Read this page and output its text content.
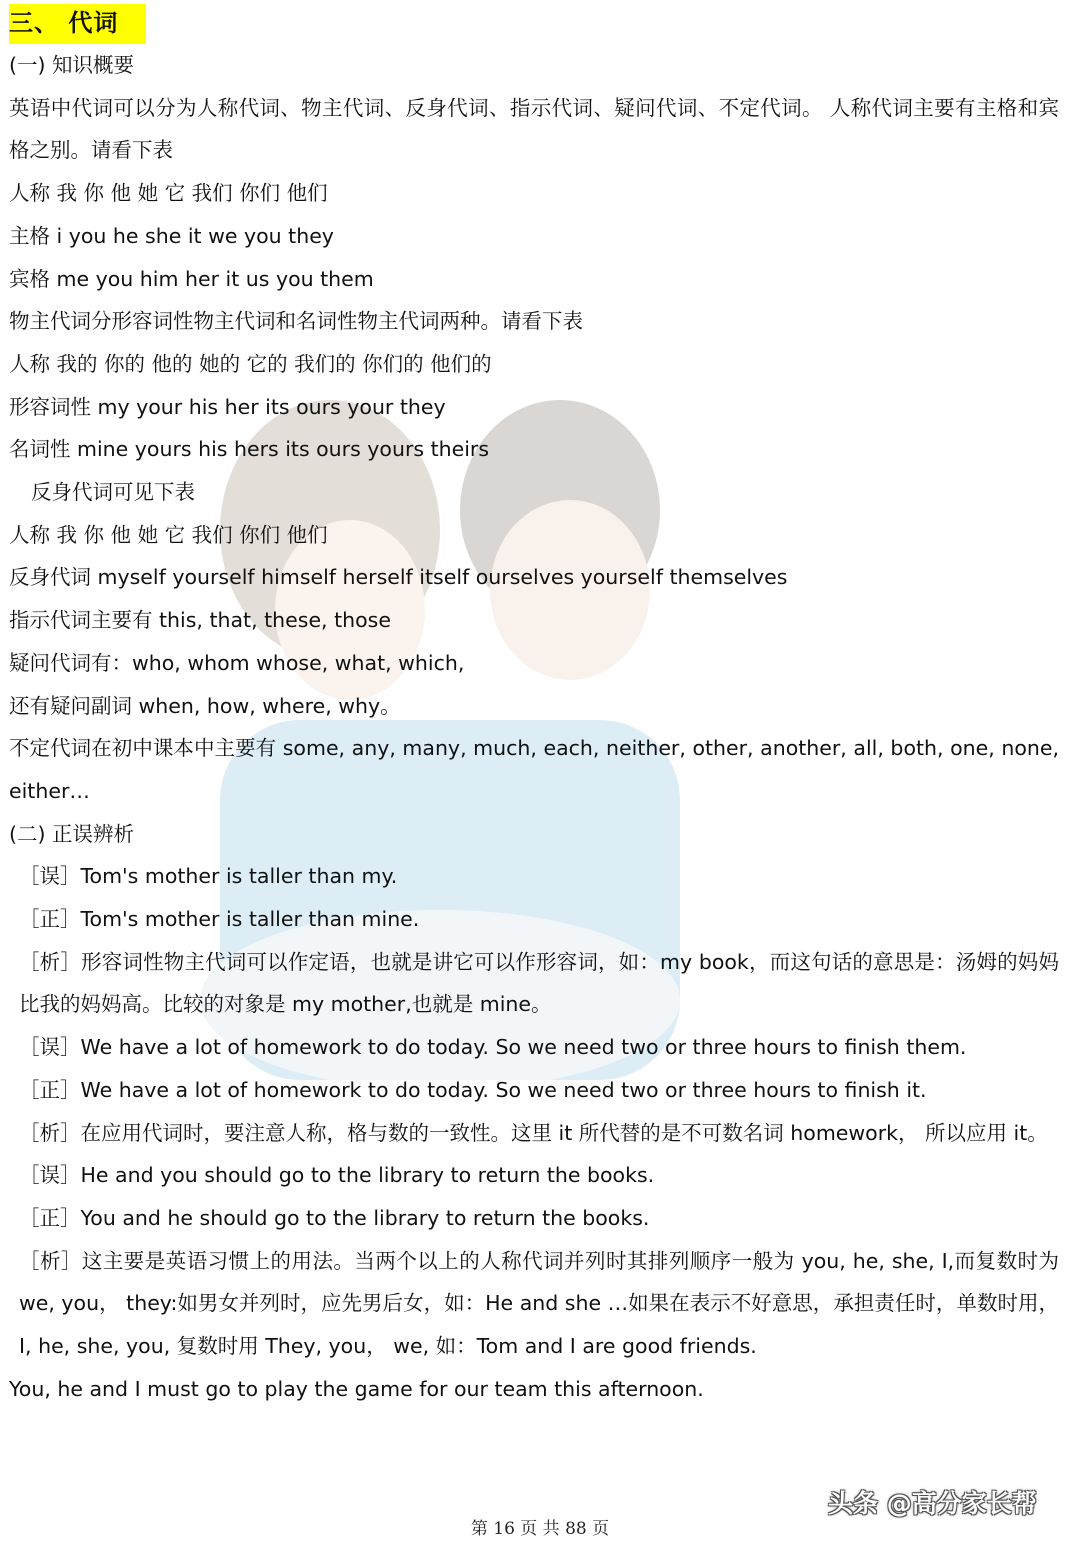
三、 代词
(一) 知识概要
英语中代词可以分为人称代词、物主代词、反身代词、指示代词、疑问代词、不定代词。 人称代词主要有主格和宾格之别。请看下表
人称 我 你 他 她 它 我们 你们 他们
主格 i you he she it we you they
宾格 me you him her it us you them
物主代词分形容词性物主代词和名词性物主代词两种。请看下表
人称 我的 你的 他的 她的 它的 我们的 你们的 他们的
形容词性 my your his her its ours your they
名词性 mine yours his hers its ours yours theirs
反身代词可见下表
人称 我 你 他 她 它 我们 你们 他们
反身代词 myself yourself himself herself itself ourselves yourself themselves
指示代词主要有 this, that, these, those
疑问代词有：who, whom whose, what, which,
还有疑问副词 when, how, where, why。
不定代词在初中课本中主要有 some, any, many, much, each, neither, other, another, all, both, one, none, either…
(二) 正误辨析
［误］Tom's mother is taller than my.
［正］Tom's mother is taller than mine.
［析］形容词性物主代词可以作定语，也就是讲它可以作形容词，如：my book，而这句话的意思是：汤姆的妈妈比我的妈妈高。比较的对象是 my mother,也就是 mine。
［误］We have a lot of homework to do today. So we need two or three hours to finish them.
［正］We have a lot of homework to do today. So we need two or three hours to finish it.
［析］在应用代词时，要注意人称，格与数的一致性。这里 it 所代替的是不可数名词 homework， 所以应用 it。
［误］He and you should go to the library to return the books.
［正］You and he should go to the library to return the books.
［析］这主要是英语习惯上的用法。当两个以上的人称代词并列时其排列顺序一般为 you, he, she, I,而复数时为 we, you， they:如男女并列时，应先男后女，如：He and she …如果在表示不好意思，承担责任时，单数时用，I, he, she, you, 复数时用 They, you， we, 如：Tom and I are good friends.
You, he and I must go to play the game for our team this afternoon.
头条 @高分家长帮
第 16 页 共 88 页
